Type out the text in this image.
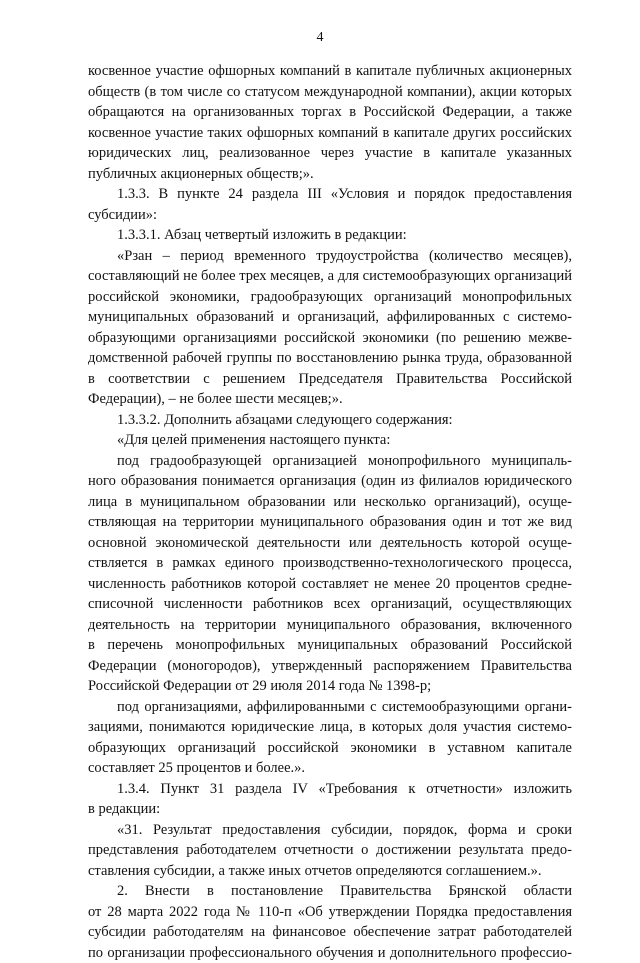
4
косвенное участие офшорных компаний в капитале публичных акционерных
обществ (в том числе со статусом международной компании), акции которых
обращаются на организованных торгах в Российской Федерации, а также
косвенное участие таких офшорных компаний в капитале других российских
юридических лиц, реализованное через участие в капитале указанных
публичных акционерных обществ;».
1.3.3. В пункте 24 раздела III «Условия и порядок предоставления
субсидии»:
1.3.3.1. Абзац четвертый изложить в редакции:
«Рзан – период временного трудоустройства (количество месяцев),
составляющий не более трех месяцев, а для системообразующих организаций
российской экономики, градообразующих организаций монопрофильных
муниципальных образований и организаций, аффилированных с системо-
образующими организациями российской экономики (по решению межве-
домственной рабочей группы по восстановлению рынка труда, образованной
в соответствии с решением Председателя Правительства Российской
Федерации), – не более шести месяцев;».
1.3.3.2. Дополнить абзацами следующего содержания:
«Для целей применения настоящего пункта:
под градообразующей организацией монопрофильного муниципаль-
ного образования понимается организация (один из филиалов юридического
лица в муниципальном образовании или несколько организаций), осуще-
ствляющая на территории муниципального образования один и тот же вид
основной экономической деятельности или деятельность которой осуще-
ствляется в рамках единого производственно-технологического процесса,
численность работников которой составляет не менее 20 процентов средне-
списочной численности работников всех организаций, осуществляющих
деятельность на территории муниципального образования, включенного
в перечень монопрофильных муниципальных образований Российской
Федерации (моногородов), утвержденный распоряжением Правительства
Российской Федерации от 29 июля 2014 года № 1398-р;
под организациями, аффилированными с системообразующими органи-
зациями, понимаются юридические лица, в которых доля участия системо-
образующих организаций российской экономики в уставном капитале
составляет 25 процентов и более.».
1.3.4. Пункт 31 раздела IV «Требования к отчетности» изложить
в редакции:
«31. Результат предоставления субсидии, порядок, форма и сроки
представления работодателем отчетности о достижении результата предо-
ставления субсидии, а также иных отчетов определяются соглашением.».
2. Внести в постановление Правительства Брянской области
от 28 марта 2022 года № 110-п «Об утверждении Порядка предоставления
субсидии работодателям на финансовое обеспечение затрат работодателей
по организации профессионального обучения и дополнительного профессио-
